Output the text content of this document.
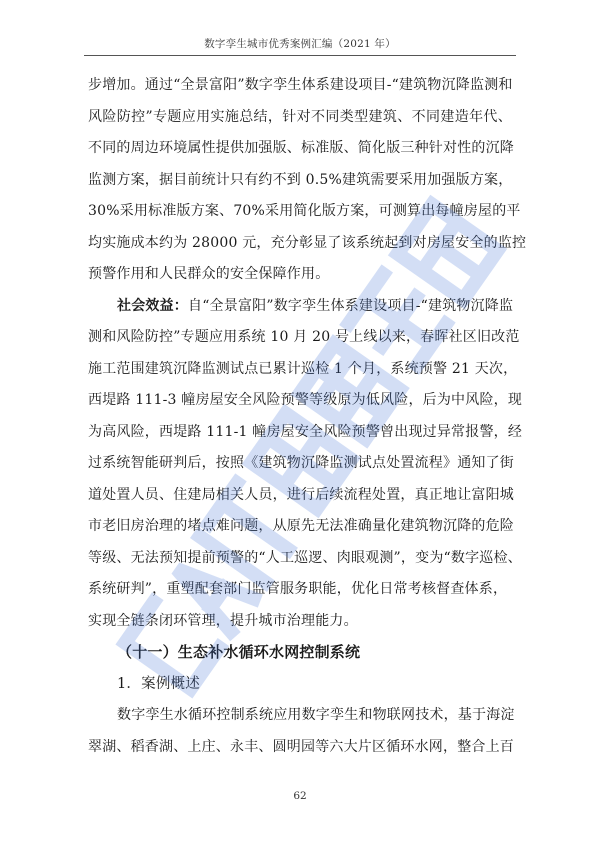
数字孪生城市优秀案例汇编（2021 年）
步增加。通过“全景富阳”数字孪生体系建设项目-“建筑物沉降监测和
风险防控”专题应用实施总结，针对不同类型建筑、不同建造年代、
不同的周边环境属性提供加强版、标准版、简化版三种针对性的沉降
监测方案，据目前统计只有约不到 0.5%建筑需要采用加强版方案，
30%采用标准版方案、70%采用简化版方案，可测算出每幢房屋的平
均实施成本约为 28000 元，充分彰显了该系统起到对房屋安全的监控
预警作用和人民群众的安全保障作用。
社会效益：自“全景富阳”数字孪生体系建设项目-“建筑物沉降监
测和风险防控”专题应用系统 10 月 20 号上线以来，春晖社区旧改范
施工范围建筑沉降监测试点已累计巡检 1 个月，系统预警 21 天次，
西堤路 111-3 幢房屋安全风险预警等级原为低风险，后为中风险，现
为高风险，西堤路 111-1 幢房屋安全风险预警曾出现过异常报警，经
过系统智能研判后，按照《建筑物沉降监测试点处置流程》通知了街
道处置人员、住建局相关人员，进行后续流程处置，真正地让富阳城
市老旧房治理的堵点难问题，从原先无法准确量化建筑物沉降的危险
等级、无法预知提前预警的“人工巡逻、肉眼观测”，变为“数字巡检、
系统研判”，重塑配套部门监管服务职能，优化日常考核督查体系，
实现全链条闭环管理，提升城市治理能力。
（十一）生态补水循环水网控制系统
1．案例概述
数字孪生水循环控制系统应用数字孪生和物联网技术，基于海淀
翠湖、稻香湖、上庄、永丰、圆明园等六大片区循环水网，整合上百
62
